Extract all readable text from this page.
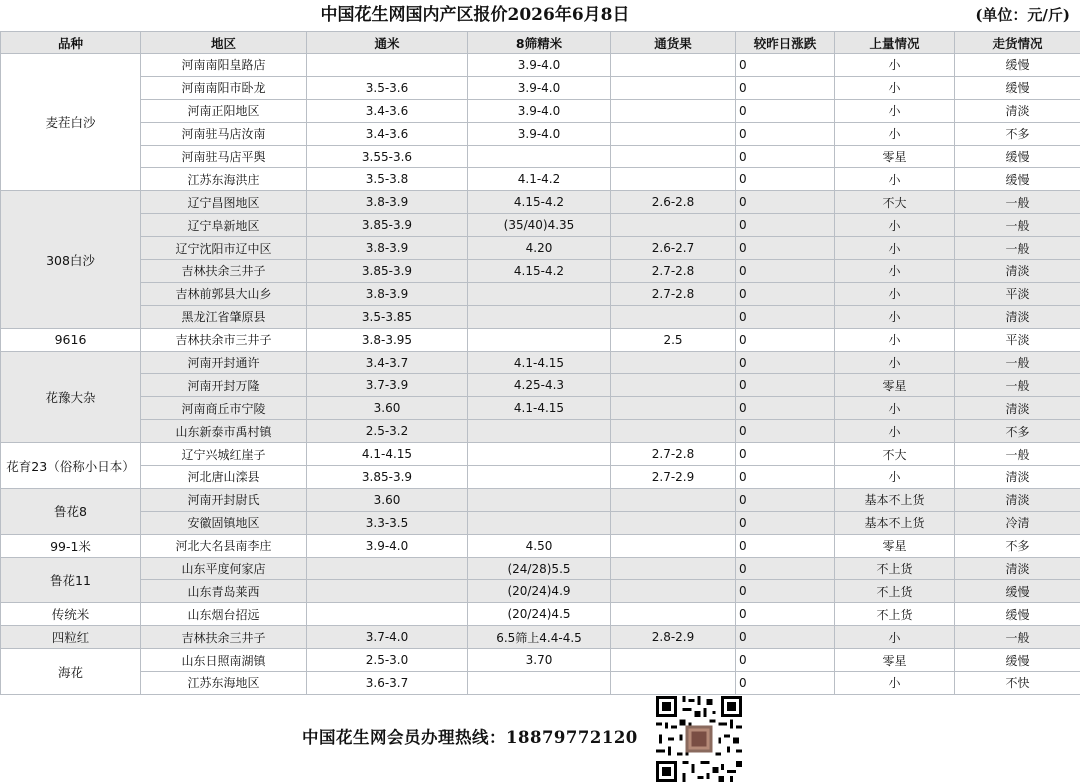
中国花生网国内产区报价2026年6月8日	(单位：元/斤)
品种	地区	通米	8筛精米	通货果	较昨日涨跌	上量情况	走货情况
麦茬白沙	河南南阳皇路店		3.9-4.0		0	小	缓慢
	河南南阳市卧龙	3.5-3.6	3.9-4.0		0	小	缓慢
	河南正阳地区	3.4-3.6	3.9-4.0		0	小	清淡
	河南驻马店汝南	3.4-3.6	3.9-4.0		0	小	不多
	河南驻马店平舆	3.55-3.6			0	零星	缓慢
	江苏东海洪庄	3.5-3.8	4.1-4.2		0	小	缓慢
308白沙	辽宁昌图地区	3.8-3.9	4.15-4.2	2.6-2.8	0	不大	一般
	辽宁阜新地区	3.85-3.9	(35/40)4.35		0	小	一般
	辽宁沈阳市辽中区	3.8-3.9	4.20	2.6-2.7	0	小	一般
	吉林扶余三井子	3.85-3.9	4.15-4.2	2.7-2.8	0	小	清淡
	吉林前郭县大山乡	3.8-3.9		2.7-2.8	0	小	平淡
	黑龙江省肇原县	3.5-3.85			0	小	清淡
9616	吉林扶余市三井子	3.8-3.95		2.5	0	小	平淡
花豫大杂	河南开封通许	3.4-3.7	4.1-4.15		0	小	一般
	河南开封万隆	3.7-3.9	4.25-4.3		0	零星	一般
	河南商丘市宁陵	3.60	4.1-4.15		0	小	清淡
	山东新泰市禹村镇	2.5-3.2			0	小	不多
花育23（俗称小日本）	辽宁兴城红崖子	4.1-4.15		2.7-2.8	0	不大	一般
	河北唐山滦县	3.85-3.9		2.7-2.9	0	小	清淡
鲁花8	河南开封尉氏	3.60			0	基本不上货	清淡
	安徽固镇地区	3.3-3.5			0	基本不上货	冷清
99-1米	河北大名县南李庄	3.9-4.0	4.50		0	零星	不多
鲁花11	山东平度何家店		(24/28)5.5		0	不上货	清淡
	山东青岛莱西		(20/24)4.9		0	不上货	缓慢
传统米	山东烟台招远		(20/24)4.5		0	不上货	缓慢
四粒红	吉林扶余三井子	3.7-4.0	6.5筛上4.4-4.5	2.8-2.9	0	小	一般
海花	山东日照南湖镇	2.5-3.0	3.70		0	零星	缓慢
	江苏东海地区	3.6-3.7			0	小	不快
中国花生网会员办理热线：18879772120
